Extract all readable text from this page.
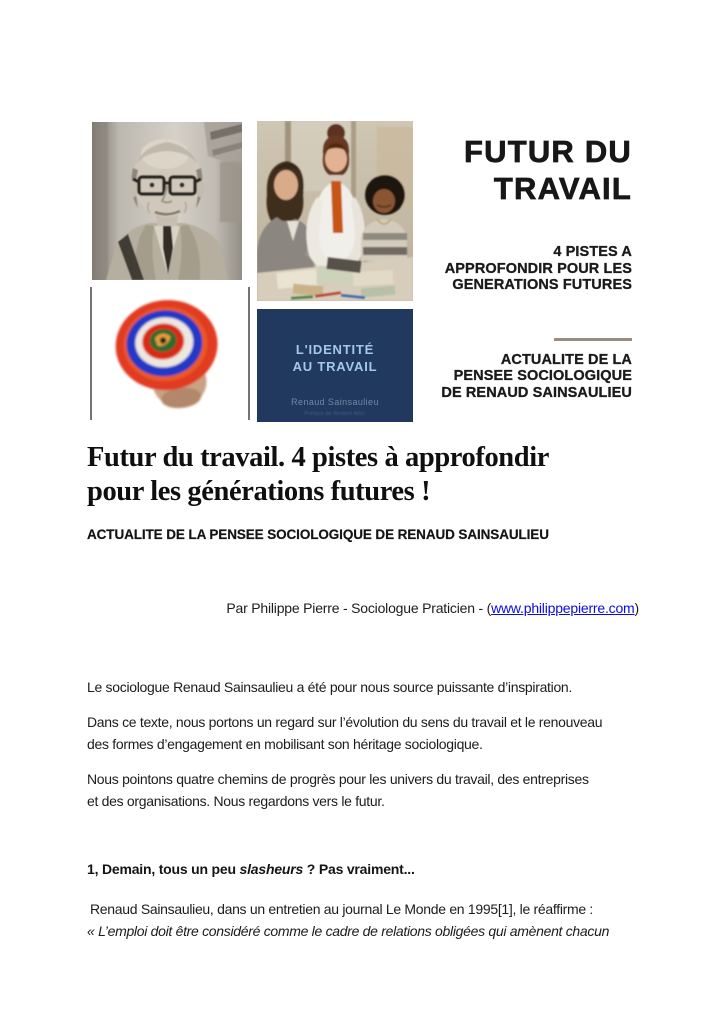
L'IDENTITÉ
AU TRAVAIL
Renaud Sainsaulieu
Préface de Norbert Alter
FUTUR DU
TRAVAIL
4 PISTES A
APPROFONDIR POUR LES
GENERATIONS FUTURES
ACTUALITE DE LA
PENSEE SOCIOLOGIQUE
DE RENAUD SAINSAULIEU
Futur du travail. 4 pistes à approfondir
pour les générations futures !
ACTUALITE DE LA PENSEE SOCIOLOGIQUE DE RENAUD SAINSAULIEU
Par Philippe Pierre - Sociologue Praticien - (www.philippepierre.com)

Le sociologue Renaud Sainsaulieu a été pour nous source puissante d’inspiration.

Dans ce texte, nous portons un regard sur l’évolution du sens du travail et le renouveau
des formes d’engagement en mobilisant son héritage sociologique.

Nous pointons quatre chemins de progrès pour les univers du travail, des entreprises
et des organisations. Nous regardons vers le futur.

1, Demain, tous un peu slasheurs ? Pas vraiment...

Renaud Sainsaulieu, dans un entretien au journal Le Monde en 1995[1], le réaffirme :
« L’emploi doit être considéré comme le cadre de relations obligées qui amènent chacun
